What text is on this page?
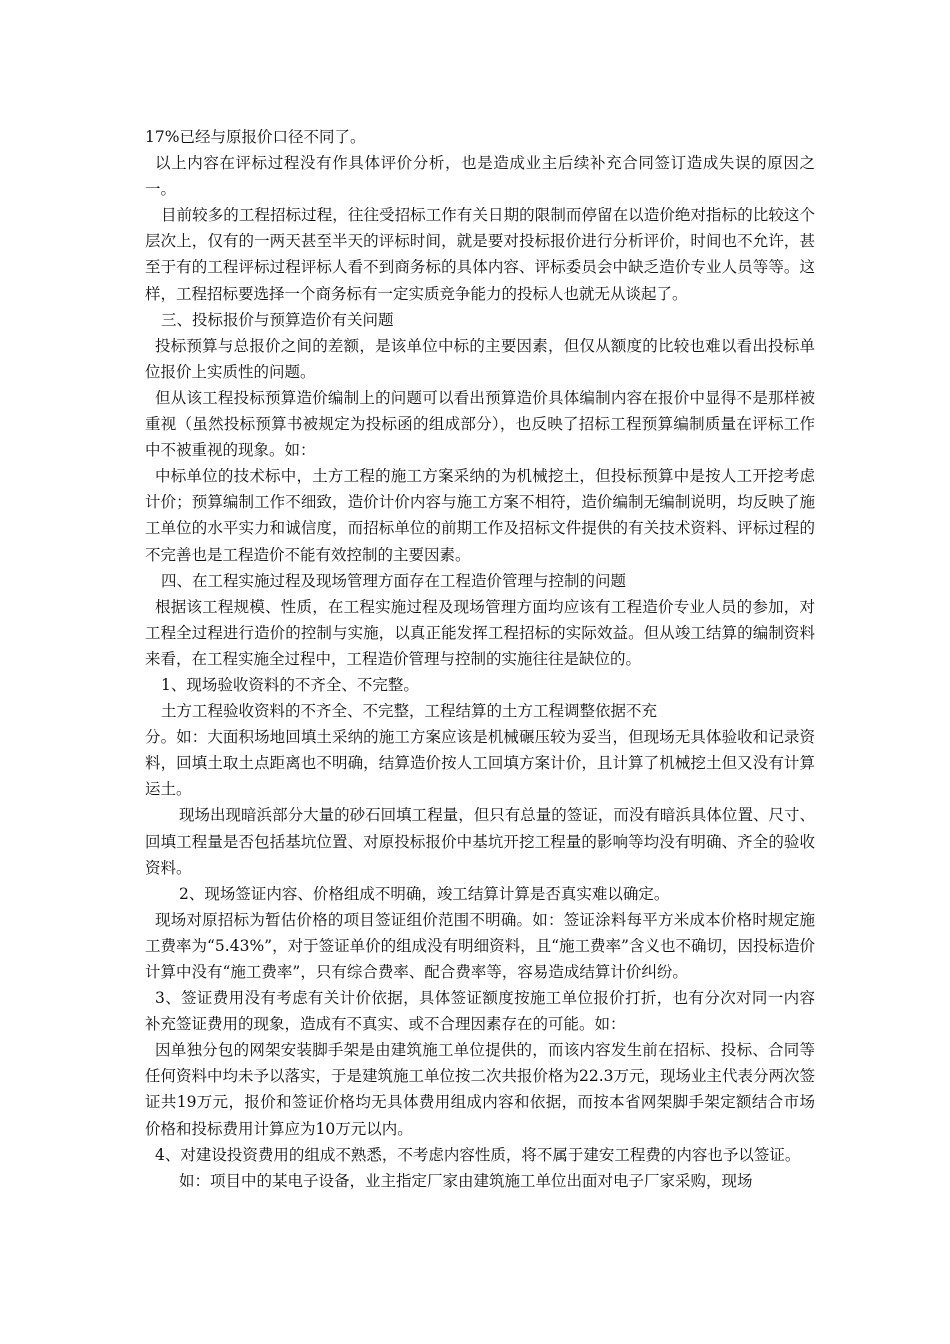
17%已经与原报价口径不同了。

以上内容在评标过程没有作具体评价分析，也是造成业主后续补充合同签订造成失误的原因之一。

目前较多的工程招标过程，往往受招标工作有关日期的限制而停留在以造价绝对指标的比较这个层次上，仅有的一两天甚至半天的评标时间，就是要对投标报价进行分析评价，时间也不允许，甚至于有的工程评标过程评标人看不到商务标的具体内容、评标委员会中缺乏造价专业人员等等。这样，工程招标要选择一个商务标有一定实质竞争能力的投标人也就无从谈起了。

三、投标报价与预算造价有关问题

投标预算与总报价之间的差额，是该单位中标的主要因素，但仅从额度的比较也难以看出投标单位报价上实质性的问题。

但从该工程投标预算造价编制上的问题可以看出预算造价具体编制内容在报价中显得不是那样被重视（虽然投标预算书被规定为投标函的组成部分），也反映了招标工程预算编制质量在评标工作中不被重视的现象。如：

中标单位的技术标中，土方工程的施工方案采纳的为机械挖土，但投标预算中是按人工开挖考虑计价；预算编制工作不细致，造价计价内容与施工方案不相符，造价编制无编制说明，均反映了施工单位的水平实力和诚信度，而招标单位的前期工作及招标文件提供的有关技术资料、评标过程的不完善也是工程造价不能有效控制的主要因素。

四、在工程实施过程及现场管理方面存在工程造价管理与控制的问题

根据该工程规模、性质，在工程实施过程及现场管理方面均应该有工程造价专业人员的参加，对工程全过程进行造价的控制与实施，以真正能发挥工程招标的实际效益。但从竣工结算的编制资料来看，在工程实施全过程中，工程造价管理与控制的实施往往是缺位的。

1、现场验收资料的不齐全、不完整。

土方工程验收资料的不齐全、不完整，工程结算的土方工程调整依据不充

分。如：大面积场地回填土采纳的施工方案应该是机械碾压较为妥当，但现场无具体验收和记录资料，回填土取土点距离也不明确，结算造价按人工回填方案计价，且计算了机械挖土但又没有计算运土。

现场出现暗浜部分大量的砂石回填工程量，但只有总量的签证，而没有暗浜具体位置、尺寸、回填工程量是否包括基坑位置、对原投标报价中基坑开挖工程量的影响等均没有明确、齐全的验收资料。

2、现场签证内容、价格组成不明确，竣工结算计算是否真实难以确定。

现场对原招标为暂估价格的项目签证组价范围不明确。如：签证涂料每平方米成本价格时规定施工费率为“5.43%”，对于签证单价的组成没有明细资料，且“施工费率”含义也不确切，因投标造价计算中没有“施工费率”，只有综合费率、配合费率等，容易造成结算计价纠纷。

3、签证费用没有考虑有关计价依据，具体签证额度按施工单位报价打折，也有分次对同一内容补充签证费用的现象，造成有不真实、或不合理因素存在的可能。如：

因单独分包的网架安装脚手架是由建筑施工单位提供的，而该内容发生前在招标、投标、合同等任何资料中均未予以落实，于是建筑施工单位按二次共报价格为22.3万元，现场业主代表分两次签证共19万元，报价和签证价格均无具体费用组成内容和依据，而按本省网架脚手架定额结合市场价格和投标费用计算应为10万元以内。

4、对建设投资费用的组成不熟悉，不考虑内容性质，将不属于建安工程费的内容也予以签证。

如：项目中的某电子设备，业主指定厂家由建筑施工单位出面对电子厂家采购，现场
